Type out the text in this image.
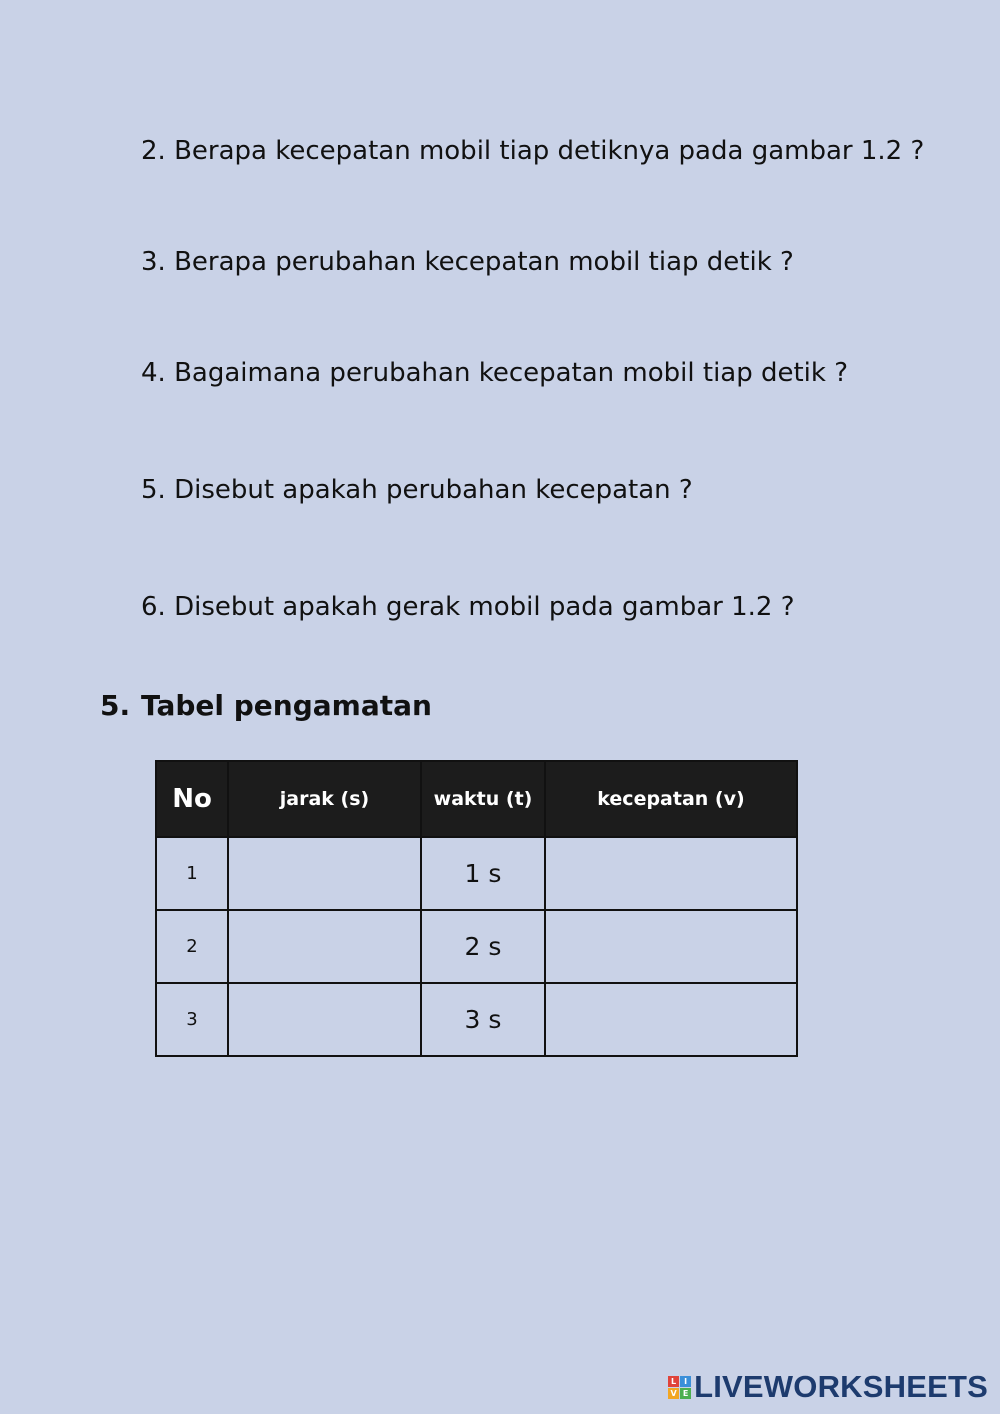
2. Berapa kecepatan mobil tiap detiknya pada gambar 1.2 ?

3. Berapa perubahan kecepatan mobil tiap detik ?

4. Bagaimana perubahan kecepatan mobil tiap detik ?

5. Disebut apakah perubahan kecepatan ?

6. Disebut apakah gerak mobil pada gambar 1.2 ?

5. Tabel pengamatan
No	jarak (s)	waktu (t)	kecepatan (v)
1		1 s	
2		2 s	
3		3 s	
L I
V E LIVEWORKSHEETS
